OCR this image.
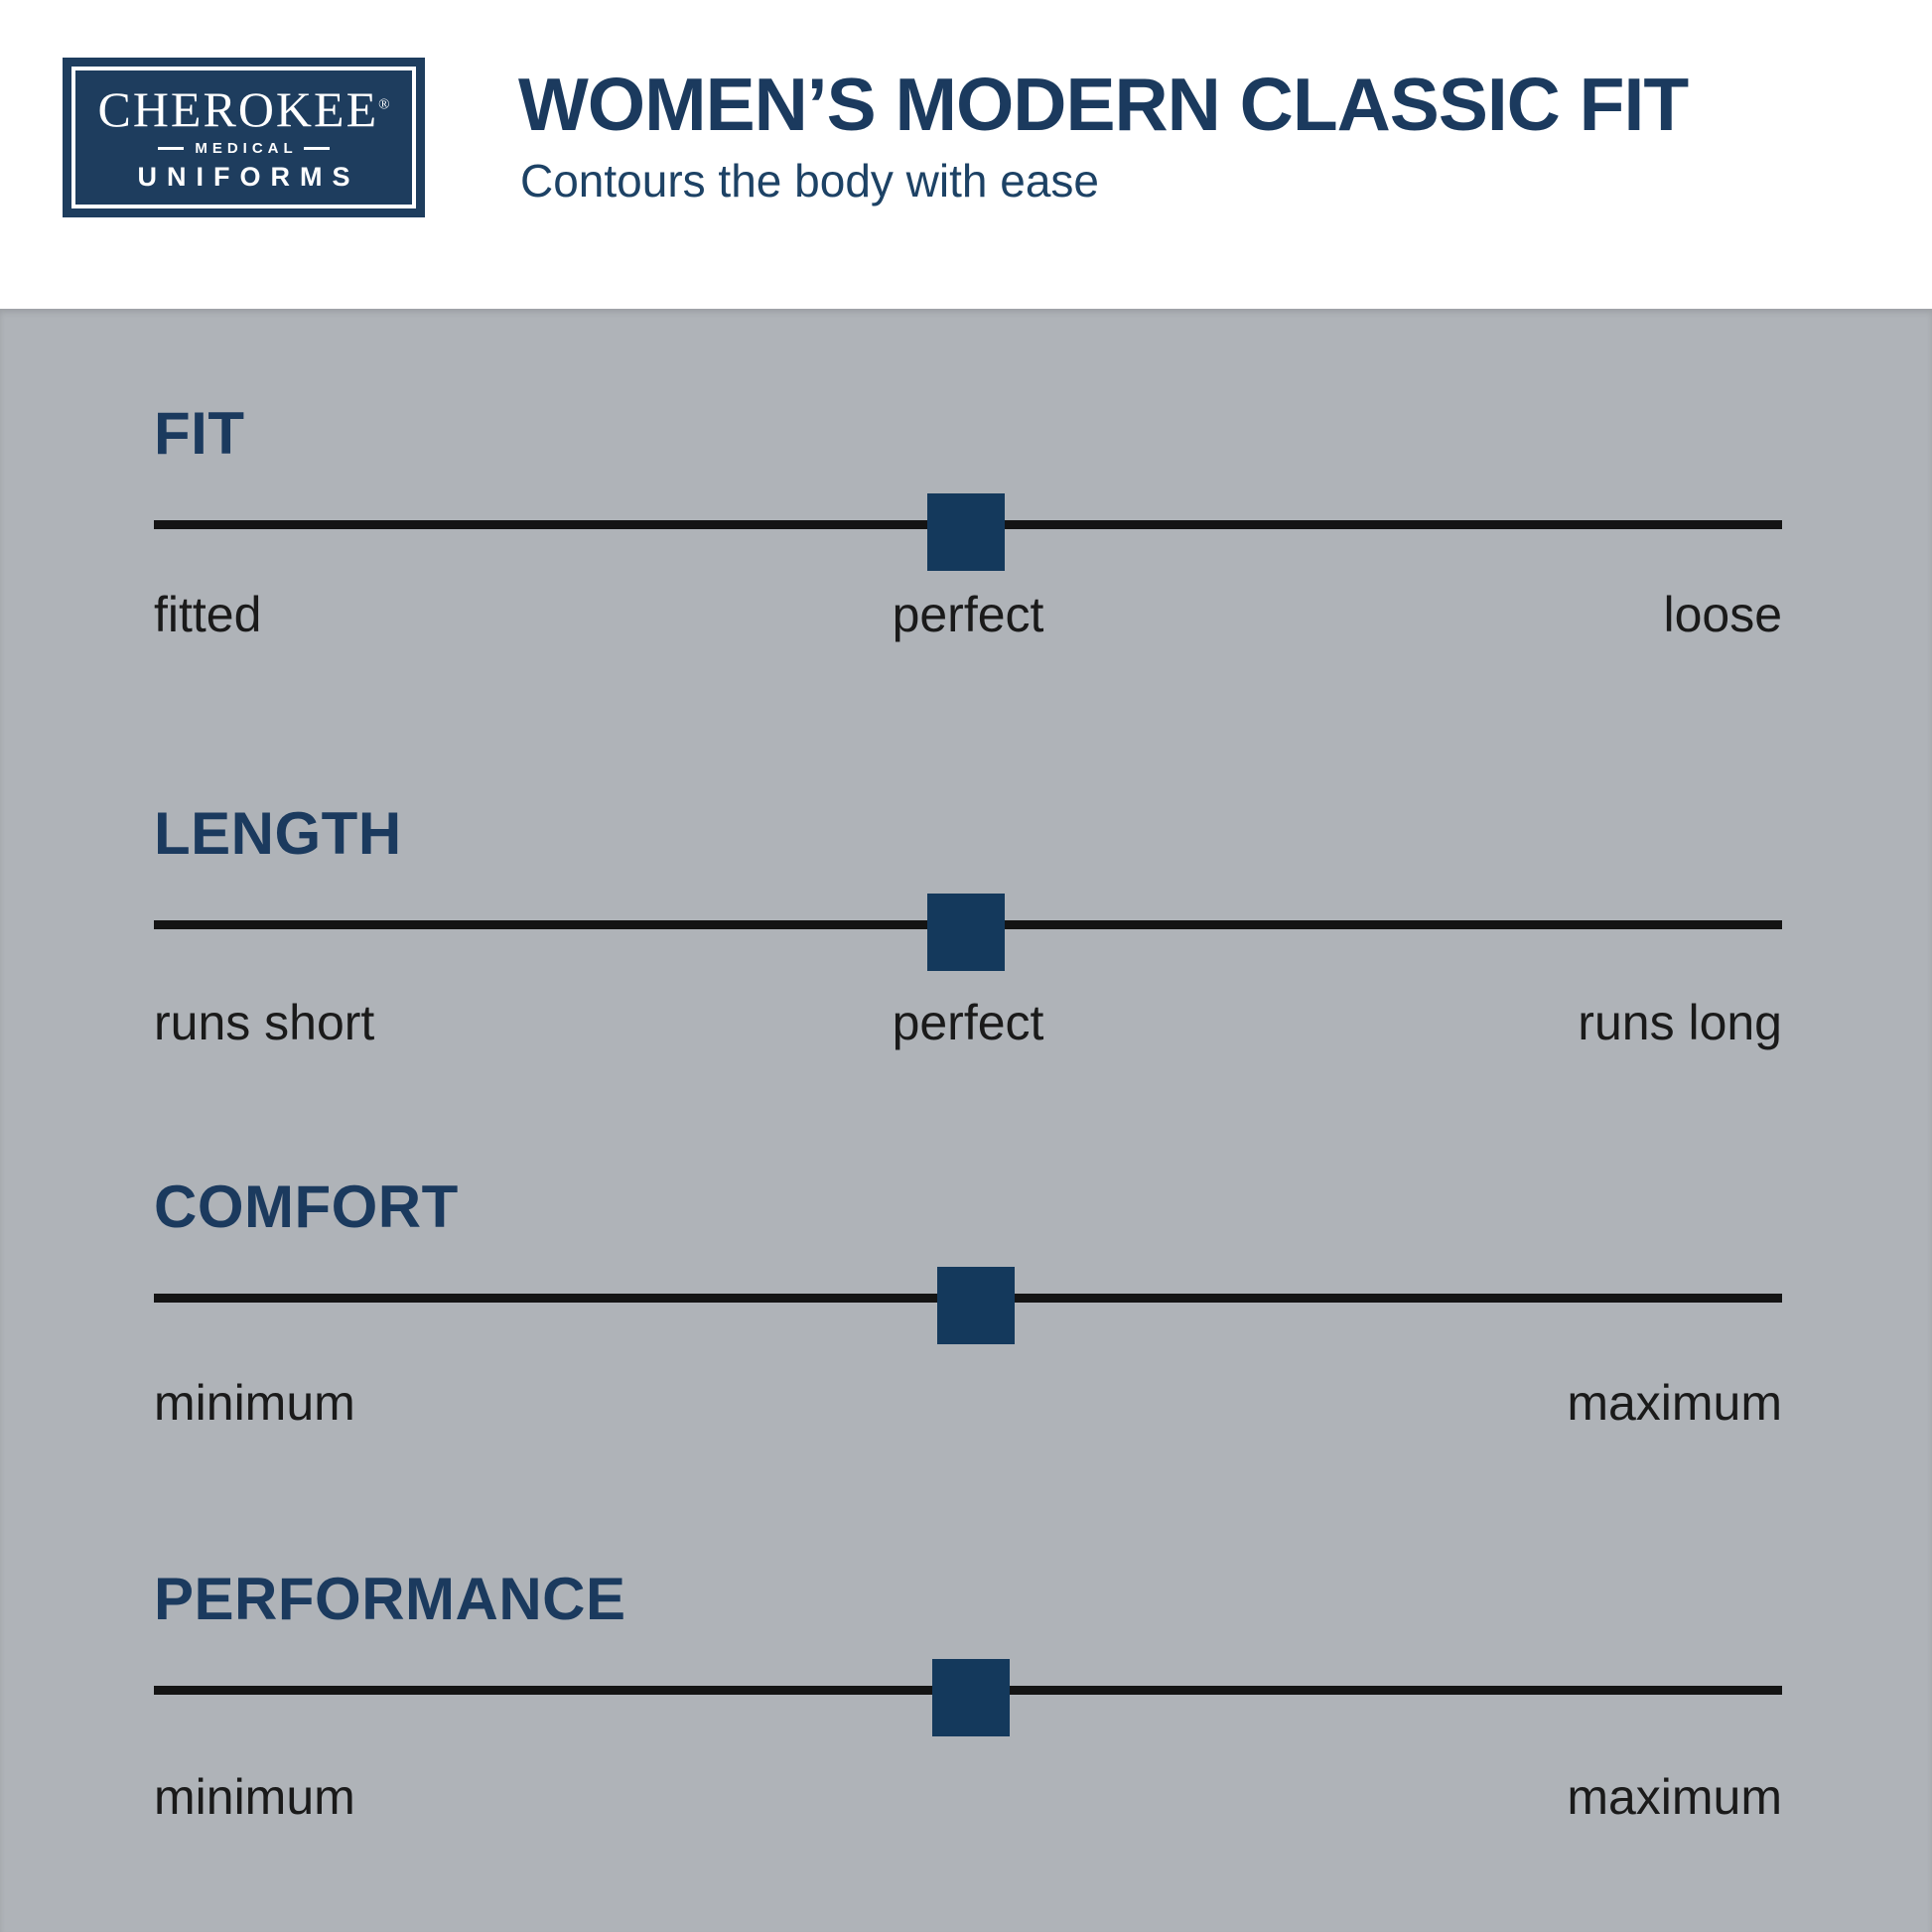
CHEROKEE®
MEDICAL
UNIFORMS
WOMEN’S MODERN CLASSIC FIT

Contours the body with ease

FIT
fitted	perfect	loose
LENGTH
runs short	perfect	runs long
COMFORT
minimum	maximum
PERFORMANCE
minimum	maximum
